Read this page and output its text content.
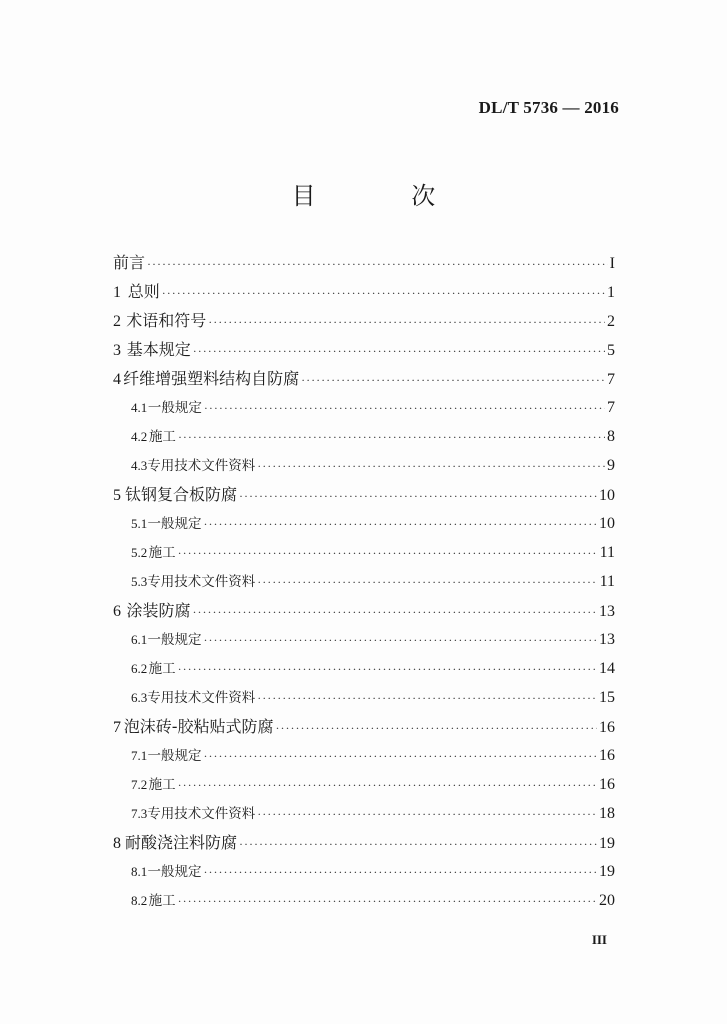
DL/T 5736 — 2016
目 次
前言 ·····	I
1 总则 ·····	1
2 术语和符号 ·····	2
3 基本规定 ·····	5
4 纤维增强塑料结构自防腐 ·····	7
4.1 一般规定 ·····	7
4.2 施工 ·····	8
4.3 专用技术文件资料 ·····	9
5 钛钢复合板防腐 ·····	10
5.1 一般规定 ·····	10
5.2 施工 ·····	11
5.3 专用技术文件资料 ·····	11
6 涂装防腐 ·····	13
6.1 一般规定 ·····	13
6.2 施工 ·····	14
6.3 专用技术文件资料 ·····	15
7 泡沫砖-胶粘贴式防腐 ·····	16
7.1 一般规定 ·····	16
7.2 施工 ·····	16
7.3 专用技术文件资料 ·····	18
8 耐酸浇注料防腐 ·····	19
8.1 一般规定 ·····	19
8.2 施工 ·····	20
III
